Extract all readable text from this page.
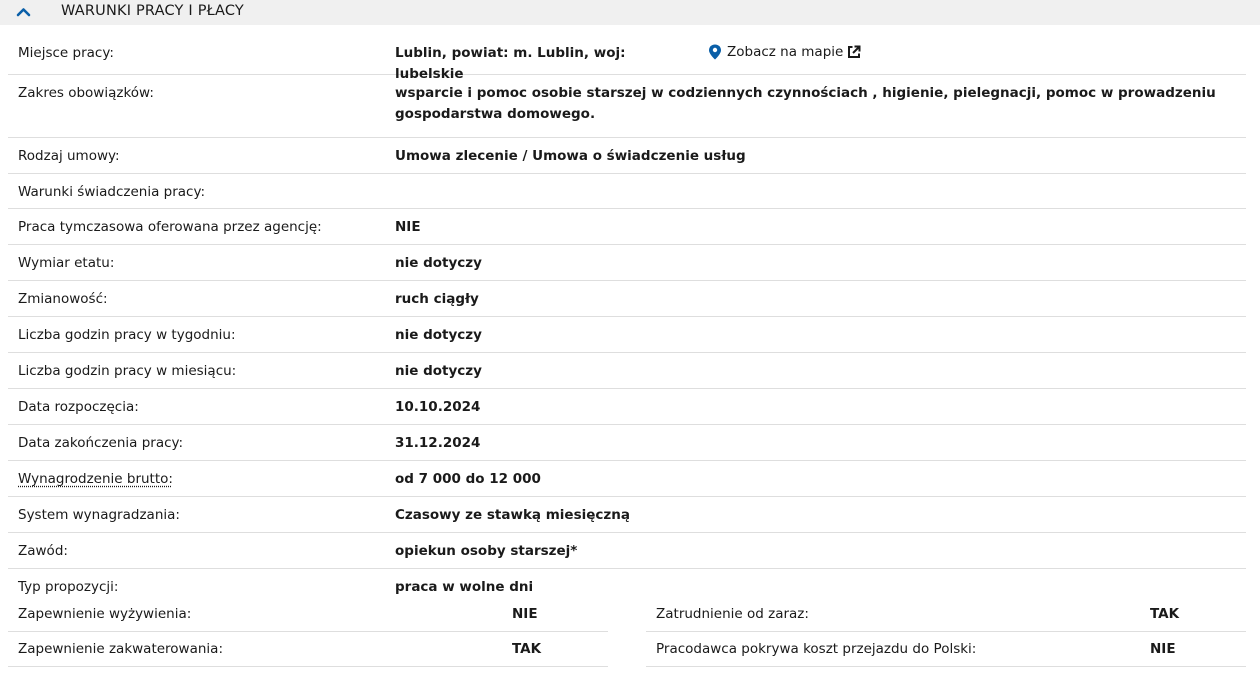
WARUNKI PRACY I PŁACY
Miejsce pracy:	Lublin, powiat: m. Lublin, woj: lubelskie
Zobacz na mapie
Zakres obowiązków:	wsparcie i pomoc osobie starszej w codziennych czynnościach , higienie, pielegnacji, pomoc w prowadzeniu gospodarstwa domowego.
Rodzaj umowy:	Umowa zlecenie / Umowa o świadczenie usług
Warunki świadczenia pracy:
Praca tymczasowa oferowana przez agencję:	NIE
Wymiar etatu:	nie dotyczy
Zmianowość:	ruch ciągły
Liczba godzin pracy w tygodniu:	nie dotyczy
Liczba godzin pracy w miesiącu:	nie dotyczy
Data rozpoczęcia:	10.10.2024
Data zakończenia pracy:	31.12.2024
Wynagrodzenie brutto:	od 7 000 do 12 000
System wynagradzania:	Czasowy ze stawką miesięczną
Zawód:	opiekun osoby starszej*
Typ propozycji:	praca w wolne dni
Zapewnienie wyżywienia:	NIE
Zapewnienie zakwaterowania:	TAK
Zatrudnienie od zaraz:	TAK
Pracodawca pokrywa koszt przejazdu do Polski:	NIE
